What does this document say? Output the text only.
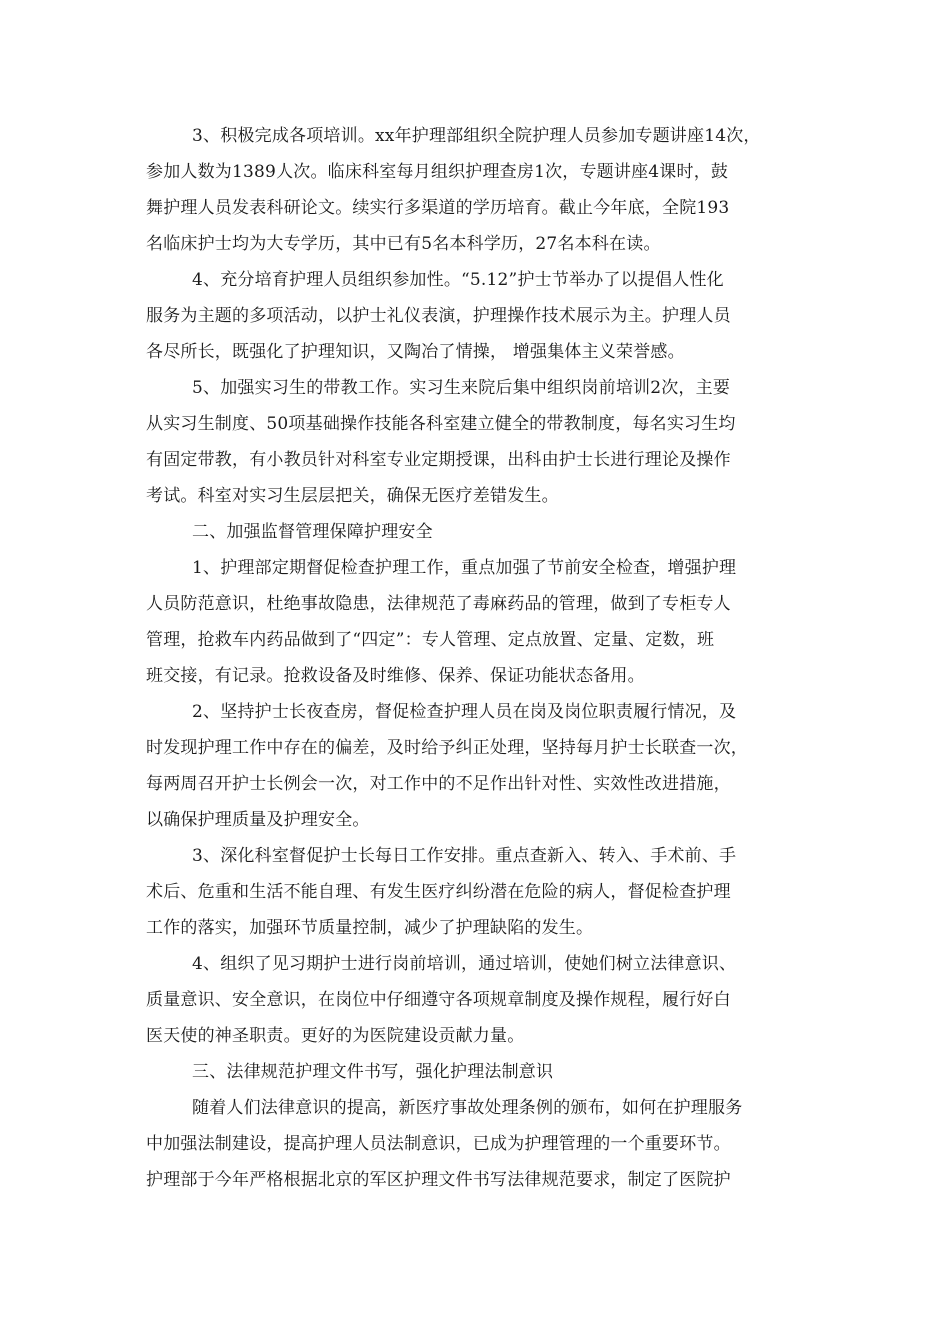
3、积极完成各项培训。xx年护理部组织全院护理人员参加专题讲座14次，
参加人数为1389人次。临床科室每月组织护理查房1次，专题讲座4课时，鼓
舞护理人员发表科研论文。续实行多渠道的学历培育。截止今年底，全院193
名临床护士均为大专学历，其中已有5名本科学历，27名本科在读。
4、充分培育护理人员组织参加性。“5.12”护士节举办了以提倡人性化
服务为主题的多项活动，以护士礼仪表演，护理操作技术展示为主。护理人员
各尽所长，既强化了护理知识，又陶冶了情操， 增强集体主义荣誉感。
5、加强实习生的带教工作。实习生来院后集中组织岗前培训2次，主要
从实习生制度、50项基础操作技能各科室建立健全的带教制度，每名实习生均
有固定带教，有小教员针对科室专业定期授课，出科由护士长进行理论及操作
考试。科室对实习生层层把关，确保无医疗差错发生。
二、加强监督管理保障护理安全
1、护理部定期督促检查护理工作，重点加强了节前安全检查，增强护理
人员防范意识，杜绝事故隐患，法律规范了毒麻药品的管理，做到了专柜专人
管理，抢救车内药品做到了“四定”：专人管理、定点放置、定量、定数，班
班交接，有记录。抢救设备及时维修、保养、保证功能状态备用。
2、坚持护士长夜查房，督促检查护理人员在岗及岗位职责履行情况，及
时发现护理工作中存在的偏差，及时给予纠正处理，坚持每月护士长联查一次，
每两周召开护士长例会一次，对工作中的不足作出针对性、实效性改进措施，
以确保护理质量及护理安全。
3、深化科室督促护士长每日工作安排。重点查新入、转入、手术前、手
术后、危重和生活不能自理、有发生医疗纠纷潜在危险的病人，督促检查护理
工作的落实，加强环节质量控制，减少了护理缺陷的发生。
4、组织了见习期护士进行岗前培训，通过培训，使她们树立法律意识、
质量意识、安全意识，在岗位中仔细遵守各项规章制度及操作规程，履行好白
医天使的神圣职责。更好的为医院建设贡献力量。
三、法律规范护理文件书写，强化护理法制意识
随着人们法律意识的提高，新医疗事故处理条例的颁布，如何在护理服务
中加强法制建设，提高护理人员法制意识，已成为护理管理的一个重要环节。
护理部于今年严格根据北京的军区护理文件书写法律规范要求，制定了医院护
